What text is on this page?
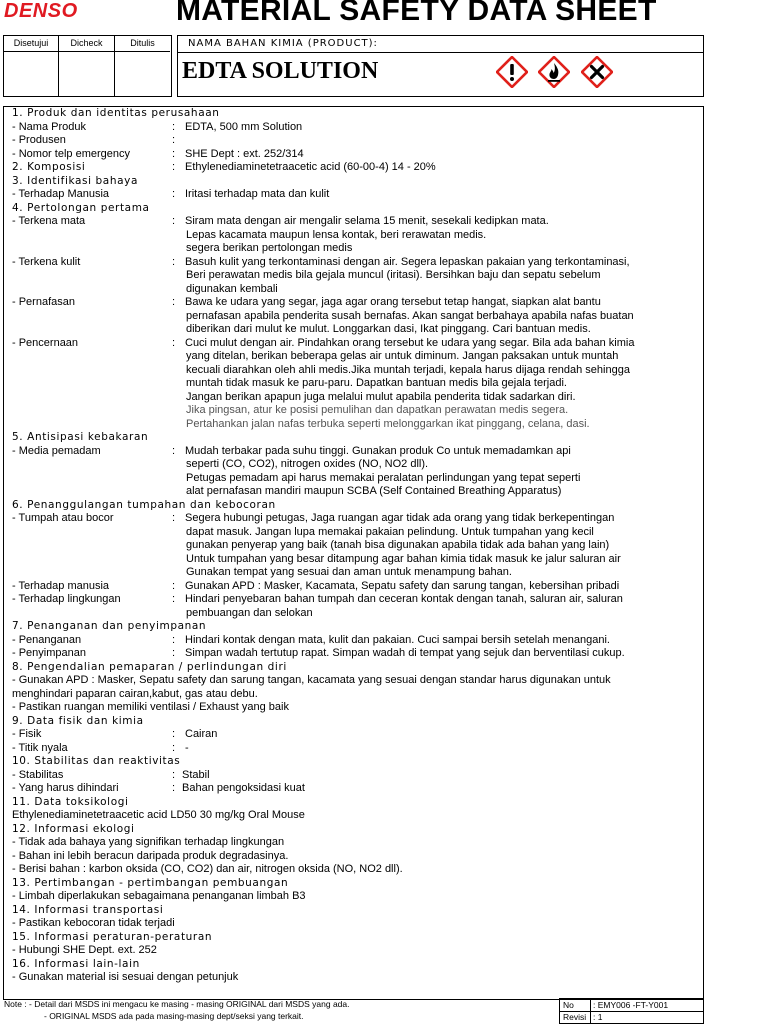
DENSO	MATERIAL SAFETY DATA SHEET
Disetujui	Dicheck	Ditulis	NAMA BAHAN KIMIA (PRODUCT):
EDTA SOLUTION
1. Produk dan identitas perusahaan
- Nama Produk	: EDTA, 500 mm Solution
- Produsen	:
- Nomor telp emergency	: SHE Dept : ext. 252/314
2. Komposisi	: Ethylenediaminetetraacetic acid (60-00-4) 14 - 20%
3. Identifikasi bahaya
- Terhadap Manusia	: Iritasi terhadap mata dan kulit
4. Pertolongan pertama
- Terkena mata	: Siram mata dengan air mengalir selama 15 menit, sesekali kedipkan mata.
Lepas kacamata maupun lensa kontak, beri rerawatan medis.
segera berikan pertolongan medis
- Terkena kulit	: Basuh kulit yang terkontaminasi dengan air. Segera lepaskan pakaian yang terkontaminasi,
Beri perawatan medis bila gejala muncul (iritasi). Bersihkan baju dan sepatu sebelum
digunakan kembali
- Pernafasan	: Bawa ke udara yang segar, jaga agar orang tersebut tetap hangat, siapkan alat bantu
pernafasan apabila penderita susah bernafas. Akan sangat berbahaya apabila nafas buatan
diberikan dari mulut ke mulut. Longgarkan dasi, Ikat pinggang. Cari bantuan medis.
- Pencernaan	: Cuci mulut dengan air. Pindahkan orang tersebut ke udara yang segar. Bila ada bahan kimia
yang ditelan, berikan beberapa gelas air untuk diminum. Jangan paksakan untuk muntah
kecuali diarahkan oleh ahli medis.Jika muntah terjadi, kepala harus dijaga rendah sehingga
muntah tidak masuk ke paru-paru. Dapatkan bantuan medis bila gejala terjadi.
Jangan berikan apapun juga melalui mulut apabila penderita tidak sadarkan diri.
Jika pingsan, atur ke posisi pemulihan dan dapatkan perawatan medis segera.
Pertahankan jalan nafas terbuka seperti melonggarkan ikat pinggang, celana, dasi.
5. Antisipasi kebakaran
- Media pemadam	: Mudah terbakar pada suhu tinggi. Gunakan produk Co untuk memadamkan api
seperti (CO, CO2), nitrogen oxides (NO, NO2 dll).
Petugas pemadam api harus memakai peralatan perlindungan yang tepat seperti
alat pernafasan mandiri maupun SCBA (Self Contained Breathing Apparatus)
6. Penanggulangan tumpahan dan kebocoran
- Tumpah atau bocor	: Segera hubungi petugas, Jaga ruangan agar tidak ada orang yang tidak berkepentingan
dapat masuk. Jangan lupa memakai pakaian pelindung. Untuk tumpahan yang kecil
gunakan penyerap yang baik (tanah bisa digunakan apabila tidak ada bahan yang lain)
Untuk tumpahan yang besar ditampung agar bahan kimia tidak masuk ke jalur saluran air
Gunakan tempat yang sesuai dan aman untuk menampung bahan.
- Terhadap manusia	: Gunakan APD : Masker, Kacamata, Sepatu safety dan sarung tangan, kebersihan pribadi
- Terhadap lingkungan	: Hindari penyebaran bahan tumpah dan ceceran kontak dengan tanah, saluran air, saluran
pembuangan dan selokan
7. Penanganan dan penyimpanan
- Penanganan	: Hindari kontak dengan mata, kulit dan pakaian. Cuci sampai bersih setelah menangani.
- Penyimpanan	: Simpan wadah tertutup rapat. Simpan wadah di tempat yang sejuk dan berventilasi cukup.
8. Pengendalian pemaparan / perlindungan diri
- Gunakan APD : Masker, Sepatu safety dan sarung tangan, kacamata yang sesuai dengan standar harus digunakan untuk
menghindari paparan cairan,kabut, gas atau debu.
- Pastikan ruangan memiliki ventilasi / Exhaust yang baik
9. Data fisik dan kimia
- Fisik	: Cairan
- Titik nyala	: -
10. Stabilitas dan reaktivitas
- Stabilitas	: Stabil
- Yang harus dihindari	: Bahan pengoksidasi kuat
11. Data toksikologi
Ethylenediaminetetraacetic acid LD50 30 mg/kg Oral Mouse
12. Informasi ekologi
- Tidak ada bahaya yang signifikan terhadap lingkungan
- Bahan ini lebih beracun daripada produk degradasinya.
- Berisi bahan : karbon oksida (CO, CO2) dan air, nitrogen oksida (NO, NO2 dll).
13. Pertimbangan - pertimbangan pembuangan
- Limbah diperlakukan sebagaimana penanganan limbah B3
14. Informasi transportasi
- Pastikan kebocoran tidak terjadi
15. Informasi peraturan-peraturan
- Hubungi SHE Dept. ext. 252
16. Informasi lain-lain
- Gunakan material isi sesuai dengan petunjuk
Note : - Detail dari MSDS ini mengacu ke masing - masing ORIGINAL dari MSDS yang ada.
- ORIGINAL MSDS ada pada masing-masing dept/seksi yang terkait.
No : EMY006 -FT-Y001
Revisi : 1
